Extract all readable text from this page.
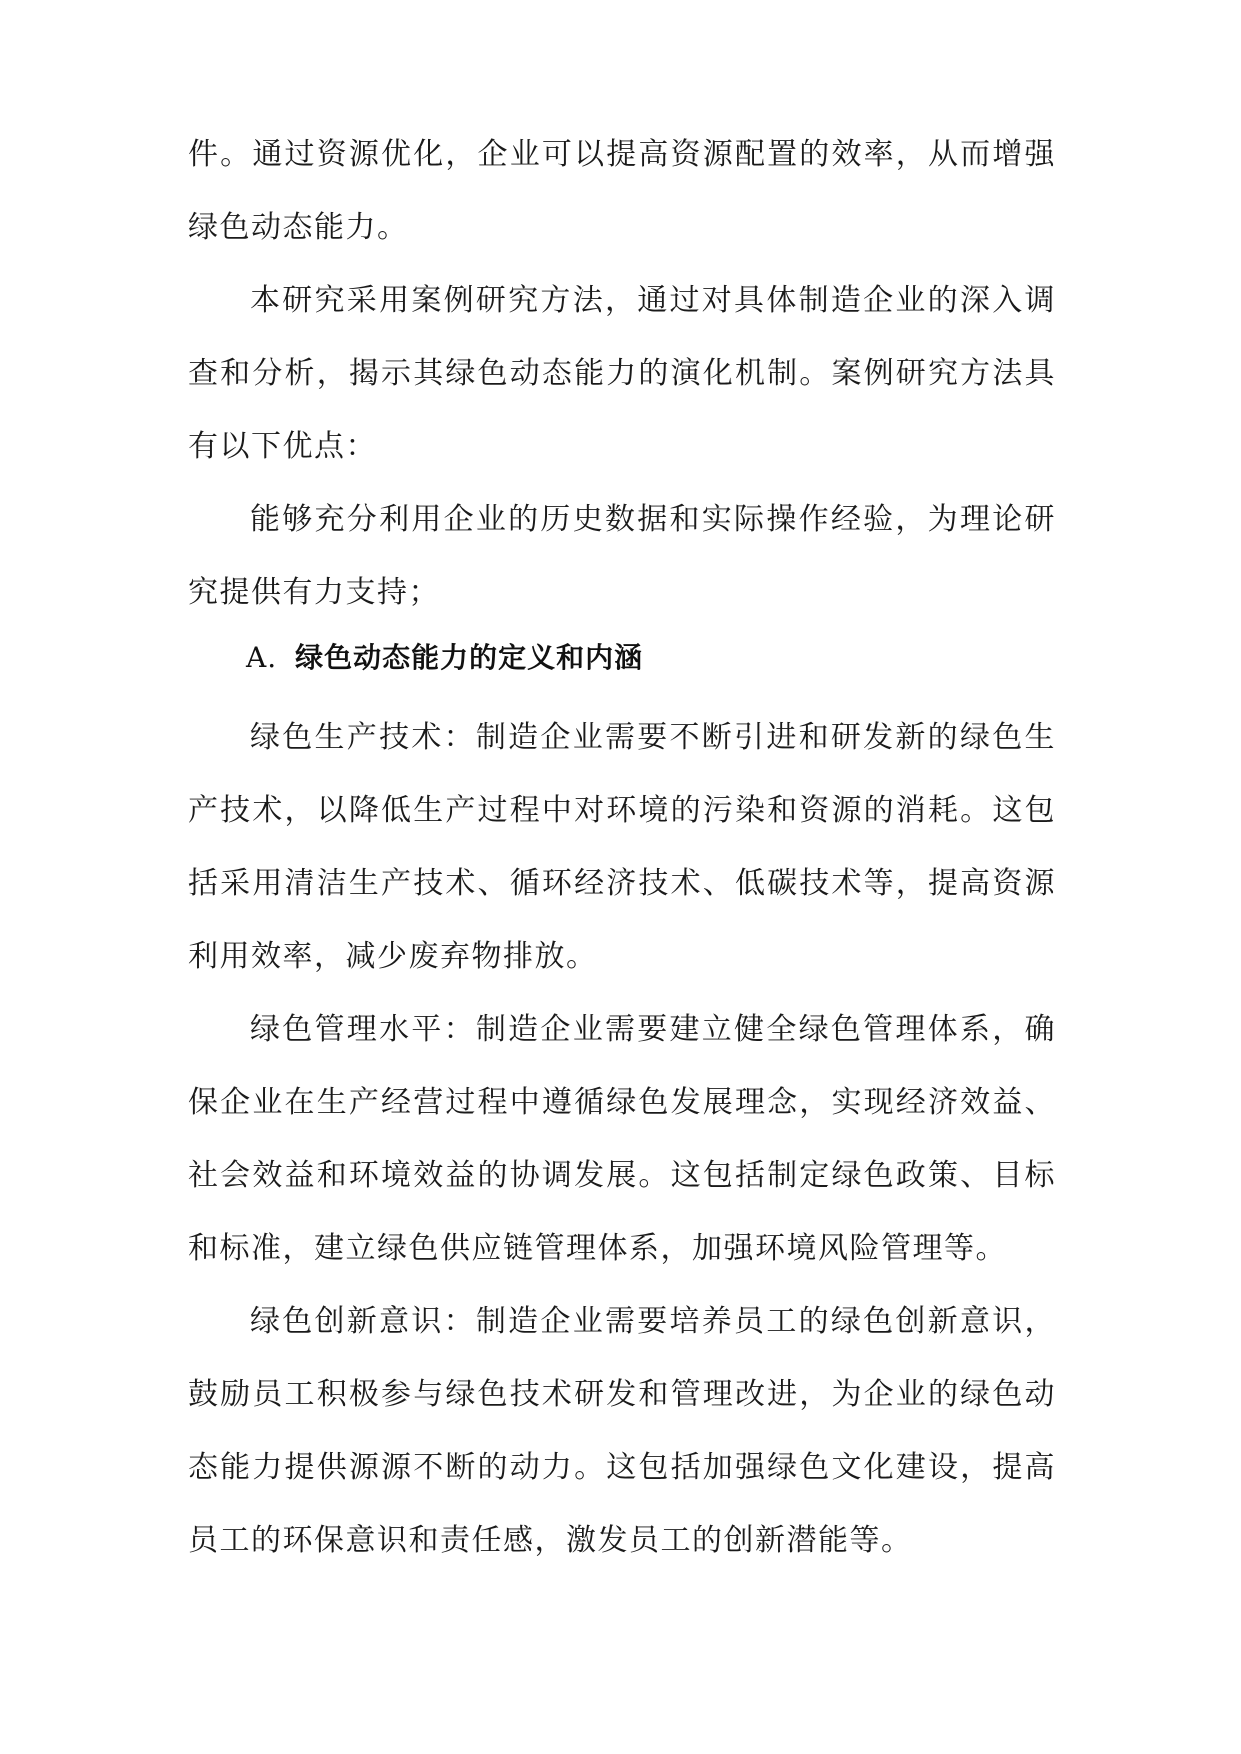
件。通过资源优化，企业可以提高资源配置的效率，从而增强绿色动态能力。

本研究采用案例研究方法，通过对具体制造企业的深入调查和分析，揭示其绿色动态能力的演化机制。案例研究方法具有以下优点：

能够充分利用企业的历史数据和实际操作经验，为理论研究提供有力支持；

A. 绿色动态能力的定义和内涵

绿色生产技术：制造企业需要不断引进和研发新的绿色生产技术，以降低生产过程中对环境的污染和资源的消耗。这包括采用清洁生产技术、循环经济技术、低碳技术等，提高资源利用效率，减少废弃物排放。

绿色管理水平：制造企业需要建立健全绿色管理体系，确保企业在生产经营过程中遵循绿色发展理念，实现经济效益、社会效益和环境效益的协调发展。这包括制定绿色政策、目标和标准，建立绿色供应链管理体系，加强环境风险管理等。

绿色创新意识：制造企业需要培养员工的绿色创新意识，鼓励员工积极参与绿色技术研发和管理改进，为企业的绿色动态能力提供源源不断的动力。这包括加强绿色文化建设，提高员工的环保意识和责任感，激发员工的创新潜能等。
